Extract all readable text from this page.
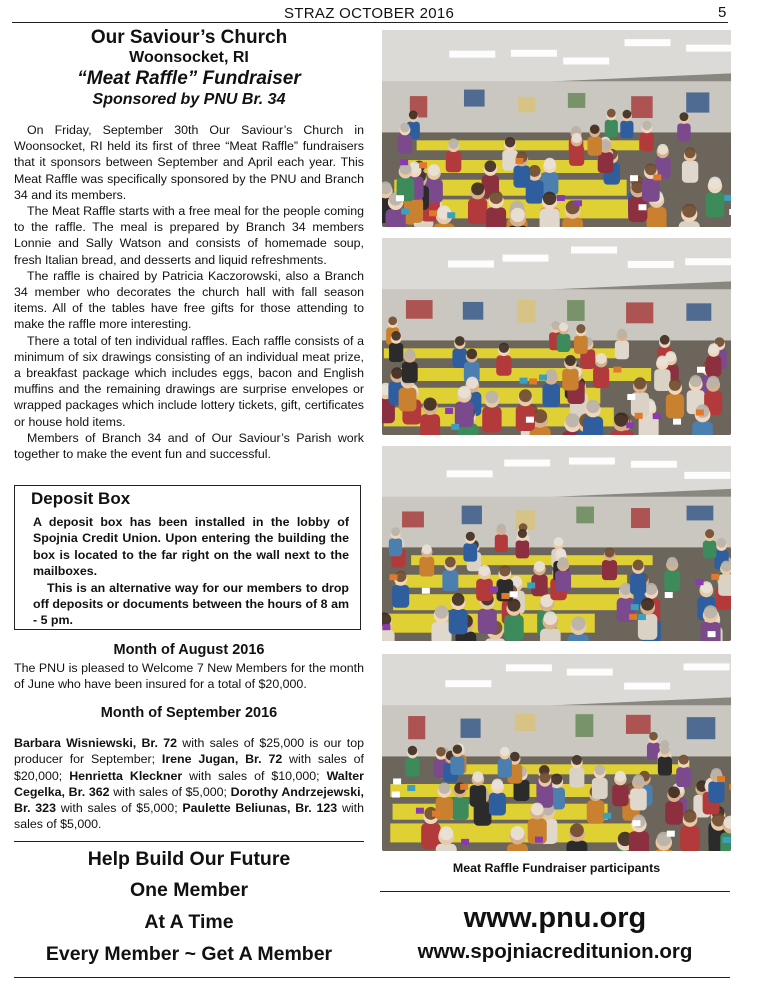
STRAZ OCTOBER 2016	5
Our Saviour’s Church
Woonsocket, RI
“Meat Raffle” Fundraiser
Sponsored by PNU Br. 34

On Friday, September 30th Our Saviour’s Church in Woonsocket, RI held its first of three “Meat Raffle” fundraisers that it sponsors between September and April each year. This Meat Raffle was specifically sponsored by the PNU and Branch 34 and its members.

The Meat Raffle starts with a free meal for the people coming to the raffle. The meal is prepared by Branch 34 members Lonnie and Sally Watson and consists of homemade soup, fresh Italian bread, and desserts and liquid refreshments.

The raffle is chaired by Patricia Kaczorowski, also a Branch 34 member who decorates the church hall with fall season items. All of the tables have free gifts for those attending to make the raffle more interesting.

There a total of ten individual raffles. Each raffle consists of a minimum of six drawings consisting of an individual meat prize, a breakfast package which includes eggs, bacon and English muffins and the remaining drawings are surprise envelopes or wrapped packages which include lottery tickets, gift, certificates or house hold items.

Members of Branch 34 and of Our Saviour’s Parish work together to make the event fun and successful.

Deposit Box

A deposit box has been installed in the lobby of Spojnia Credit Union. Upon entering the building the box is located to the far right on the wall next to the mailboxes.

This is an alternative way for our members to drop off deposits or documents between the hours of 8 am - 5 pm.

Month of August 2016
The PNU is pleased to Welcome 7 New Members for the month of June who have been insured for a total of $20,000.
Month of September 2016
Barbara Wisniewski, Br. 72 with sales of $25,000 is our top producer for September; Irene Jugan, Br. 72 with sales of $20,000; Henrietta Kleckner with sales of $10,000; Walter Cegelka, Br. 362 with sales of $5,000; Dorothy Andrzejewski, Br. 323 with sales of $5,000; Paulette Beliunas, Br. 123 with sales of $5,000.
Help Build Our Future
One Member
At A Time
Every Member ~ Get A Member
Meat Raffle Fundraiser participants
www.pnu.org
www.spojniacreditunion.org
